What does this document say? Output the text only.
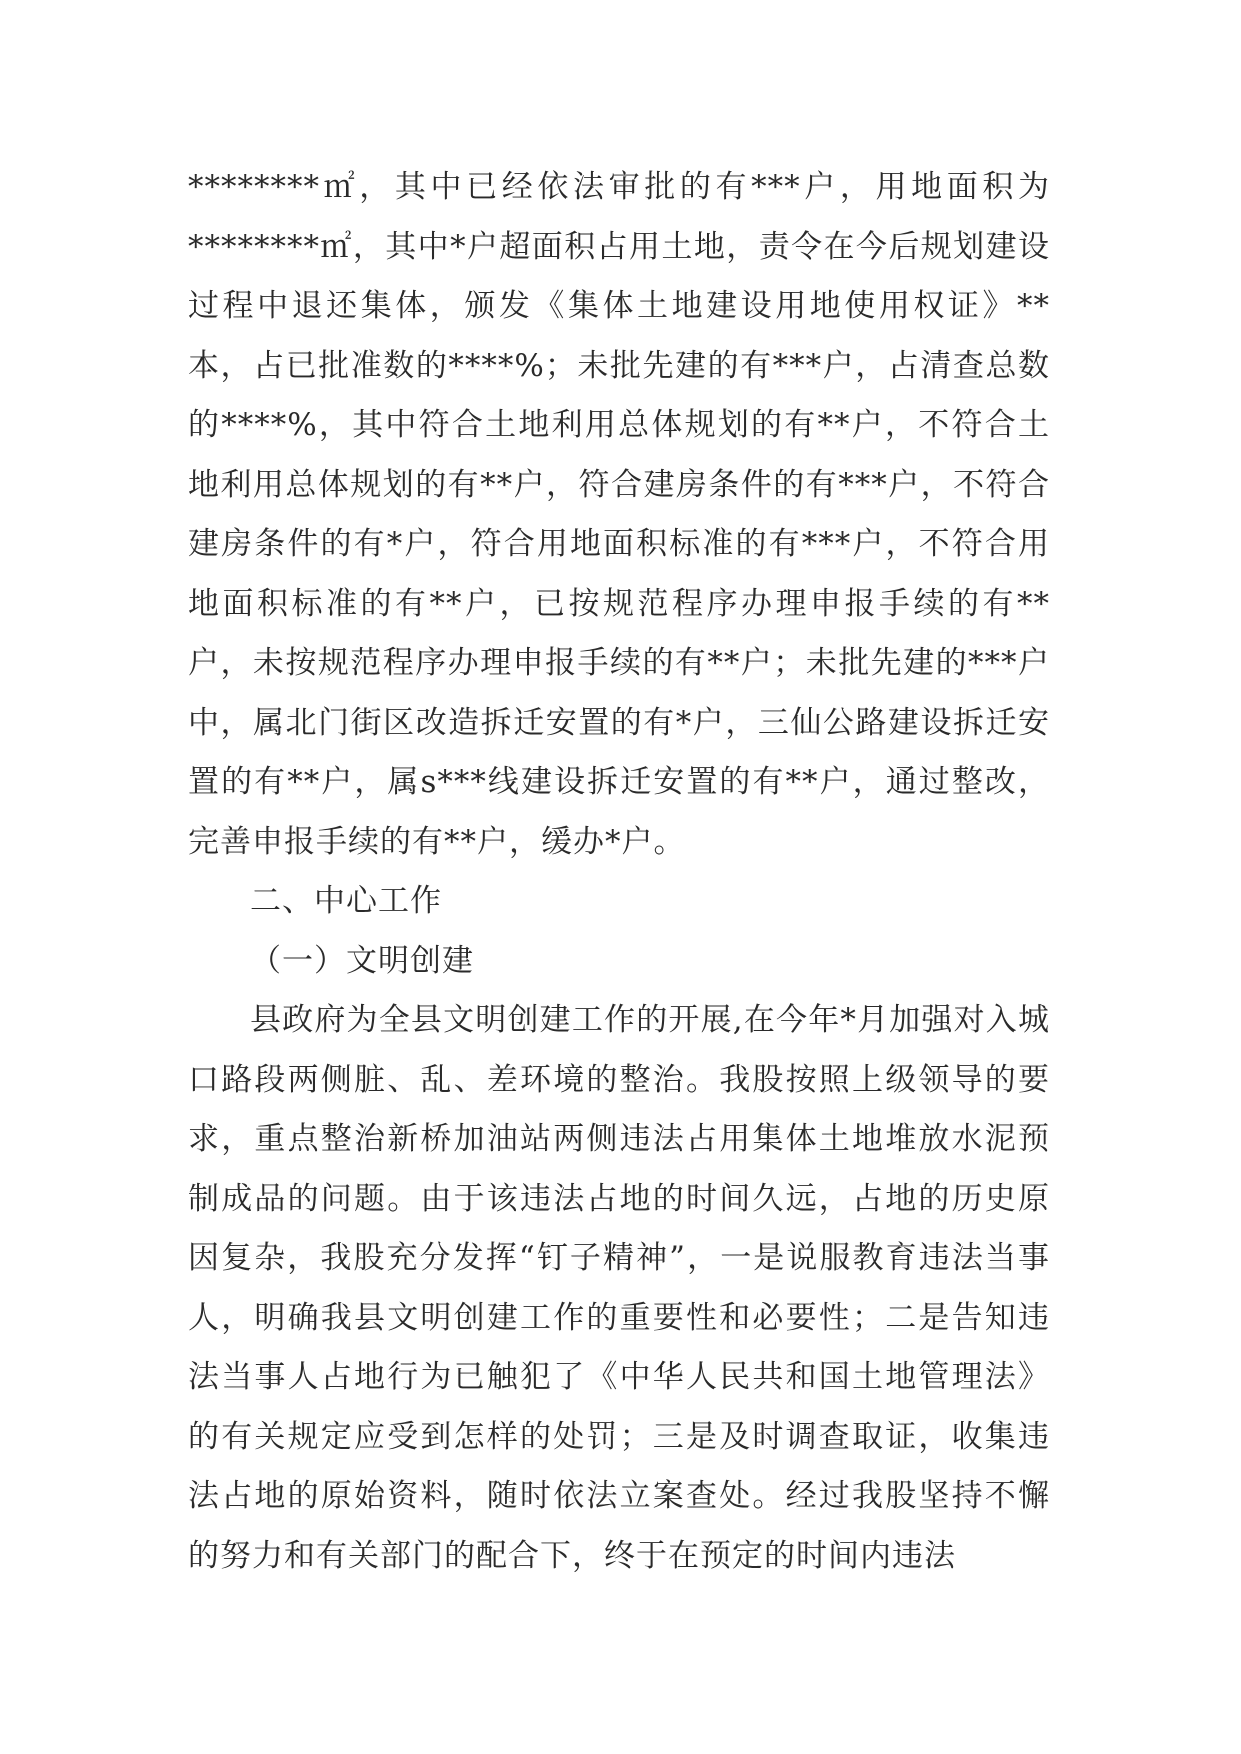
********㎡，其中已经依法审批的有***户，用地面积为********㎡，其中*户超面积占用土地，责令在今后规划建设过程中退还集体，颁发《集体土地建设用地使用权证》**本，占已批准数的****%；未批先建的有***户，占清查总数的****%，其中符合土地利用总体规划的有**户，不符合土地利用总体规划的有**户，符合建房条件的有***户，不符合建房条件的有*户，符合用地面积标准的有***户，不符合用地面积标准的有**户，已按规范程序办理申报手续的有**户，未按规范程序办理申报手续的有**户；未批先建的***户中，属北门街区改造拆迁安置的有*户，三仙公路建设拆迁安置的有**户，属s***线建设拆迁安置的有**户，通过整改，完善申报手续的有**户，缓办*户。

二、中心工作

（一）文明创建

县政府为全县文明创建工作的开展,在今年*月加强对入城口路段两侧脏、乱、差环境的整治。我股按照上级领导的要求，重点整治新桥加油站两侧违法占用集体土地堆放水泥预制成品的问题。由于该违法占地的时间久远，占地的历史原因复杂，我股充分发挥“钉子精神”，一是说服教育违法当事人，明确我县文明创建工作的重要性和必要性；二是告知违法当事人占地行为已触犯了《中华人民共和国土地管理法》的有关规定应受到怎样的处罚；三是及时调查取证，收集违法占地的原始资料，随时依法立案查处。经过我股坚持不懈的努力和有关部门的配合下，终于在预定的时间内违法
